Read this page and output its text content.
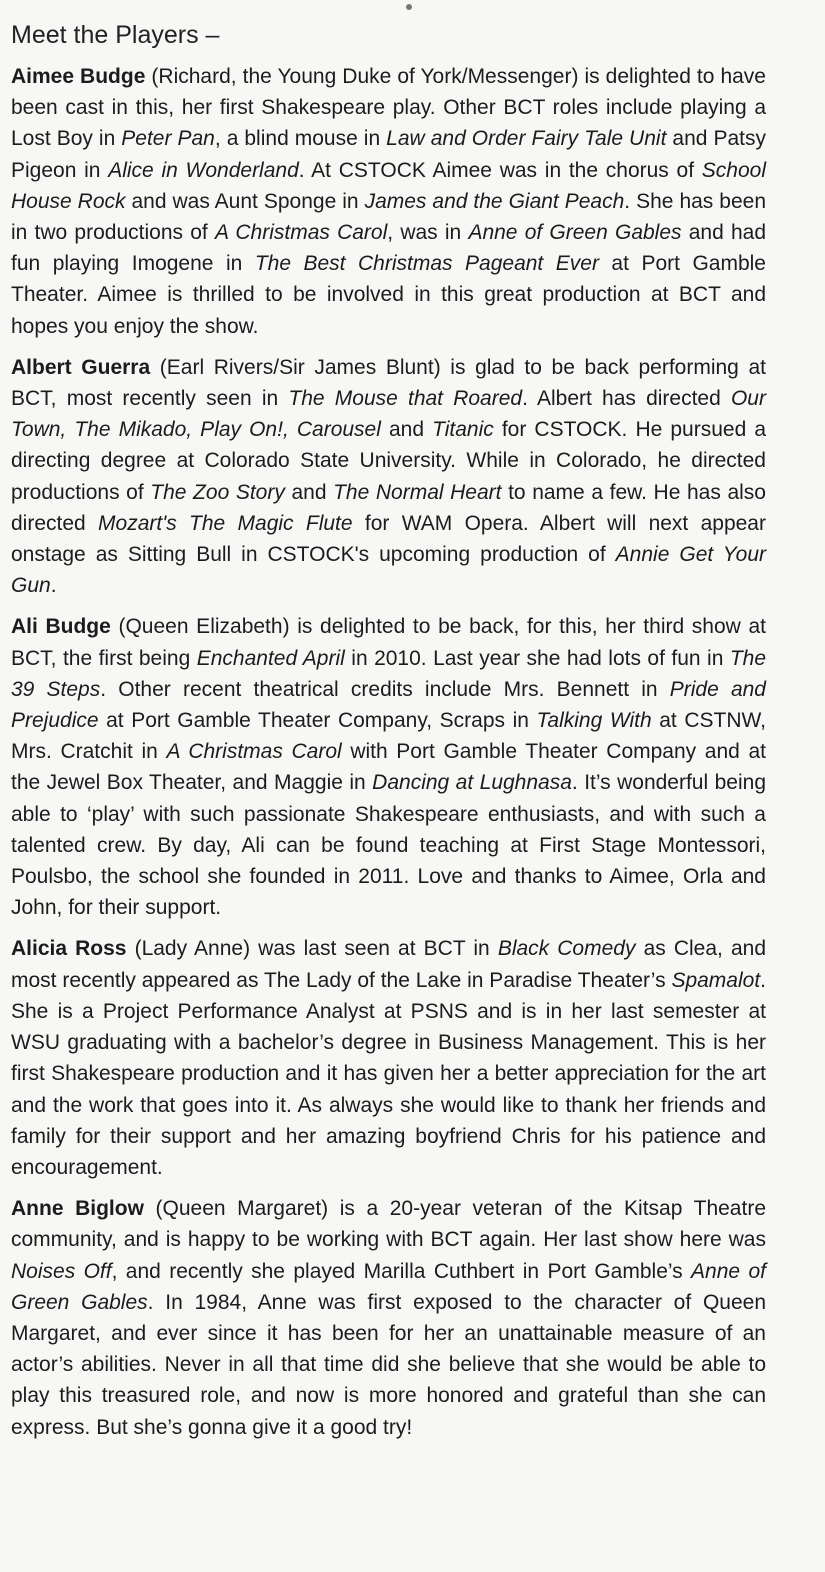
Meet the Players –

Aimee Budge (Richard, the Young Duke of York/Messenger) is delighted to have been cast in this, her first Shakespeare play. Other BCT roles include playing a Lost Boy in Peter Pan, a blind mouse in Law and Order Fairy Tale Unit and Patsy Pigeon in Alice in Wonderland. At CSTOCK Aimee was in the chorus of School House Rock and was Aunt Sponge in James and the Giant Peach. She has been in two productions of A Christmas Carol, was in Anne of Green Gables and had fun playing Imogene in The Best Christmas Pageant Ever at Port Gamble Theater. Aimee is thrilled to be involved in this great production at BCT and hopes you enjoy the show.

Albert Guerra (Earl Rivers/Sir James Blunt) is glad to be back performing at BCT, most recently seen in The Mouse that Roared. Albert has directed Our Town, The Mikado, Play On!, Carousel and Titanic for CSTOCK. He pursued a directing degree at Colorado State University. While in Colorado, he directed productions of The Zoo Story and The Normal Heart to name a few. He has also directed Mozart's The Magic Flute for WAM Opera. Albert will next appear onstage as Sitting Bull in CSTOCK's upcoming production of Annie Get Your Gun.

Ali Budge (Queen Elizabeth) is delighted to be back, for this, her third show at BCT, the first being Enchanted April in 2010. Last year she had lots of fun in The 39 Steps. Other recent theatrical credits include Mrs. Bennett in Pride and Prejudice at Port Gamble Theater Company, Scraps in Talking With at CSTNW, Mrs. Cratchit in A Christmas Carol with Port Gamble Theater Company and at the Jewel Box Theater, and Maggie in Dancing at Lughnasa. It’s wonderful being able to ‘play’ with such passionate Shakespeare enthusiasts, and with such a talented crew. By day, Ali can be found teaching at First Stage Montessori, Poulsbo, the school she founded in 2011. Love and thanks to Aimee, Orla and John, for their support.

Alicia Ross (Lady Anne) was last seen at BCT in Black Comedy as Clea, and most recently appeared as The Lady of the Lake in Paradise Theater’s Spamalot. She is a Project Performance Analyst at PSNS and is in her last semester at WSU graduating with a bachelor’s degree in Business Management. This is her first Shakespeare production and it has given her a better appreciation for the art and the work that goes into it. As always she would like to thank her friends and family for their support and her amazing boyfriend Chris for his patience and encouragement.

Anne Biglow (Queen Margaret) is a 20-year veteran of the Kitsap Theatre community, and is happy to be working with BCT again. Her last show here was Noises Off, and recently she played Marilla Cuthbert in Port Gamble’s Anne of Green Gables. In 1984, Anne was first exposed to the character of Queen Margaret, and ever since it has been for her an unattainable measure of an actor’s abilities. Never in all that time did she believe that she would be able to play this treasured role, and now is more honored and grateful than she can express. But she’s gonna give it a good try!
